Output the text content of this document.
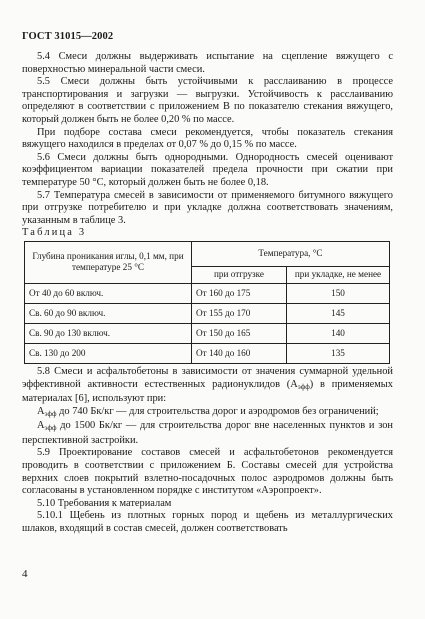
ГОСТ 31015—2002

5.4 Смеси должны выдерживать испытание на сцепление вяжущего с поверхностью минеральной части смеси.

5.5 Смеси должны быть устойчивыми к расслаиванию в процессе транспортирования и загрузки — выгрузки. Устойчивость к расслаиванию определяют в соответствии с приложением В по показателю стекания вяжущего, который должен быть не более 0,20 % по массе.

При подборе состава смеси рекомендуется, чтобы показатель стекания вяжущего находился в пределах от 0,07 % до 0,15 % по массе.

5.6 Смеси должны быть однородными. Однородность смесей оценивают коэффициентом вариации показателей предела прочности при сжатии при температуре 50 °С, который должен быть не более 0,18.

5.7 Температура смесей в зависимости от применяемого битумного вяжущего при отгрузке потребителю и при укладке должна соответствовать значениям, указанным в таблице 3.

Таблица 3

Глубина проникания иглы, 0,1 мм, при температуре 25 °С	Температура, °С	
	при отгрузке	при укладке, не менее
От 40 до 60 включ.	От 160 до 175	150
Св. 60 до 90 включ.	От 155 до 170	145
Св. 90 до 130 включ.	От 150 до 165	140
Св. 130 до 200	От 140 до 160	135

5.8 Смеси и асфальтобетоны в зависимости от значения суммарной удельной эффективной активности естественных радионуклидов $(A_{эфф})$ в применяемых материалах [6], используют при:

$A_{эфф}$ до 740 Бк/кг — для строительства дорог и аэродромов без ограничений;

$A_{эфф}$ до 1500 Бк/кг — для строительства дорог вне населенных пунктов и зон перспективной застройки.

5.9 Проектирование составов смесей и асфальтобетонов рекомендуется проводить в соответствии с приложением Б. Составы смесей для устройства верхних слоев покрытий взлетно-посадочных полос аэродромов должны быть согласованы в установленном порядке с институтом «Аэропроект».

5.10 Требования к материалам

5.10.1 Щебень из плотных горных пород и щебень из металлургических шлаков, входящий в состав смесей, должен соответствовать

4
